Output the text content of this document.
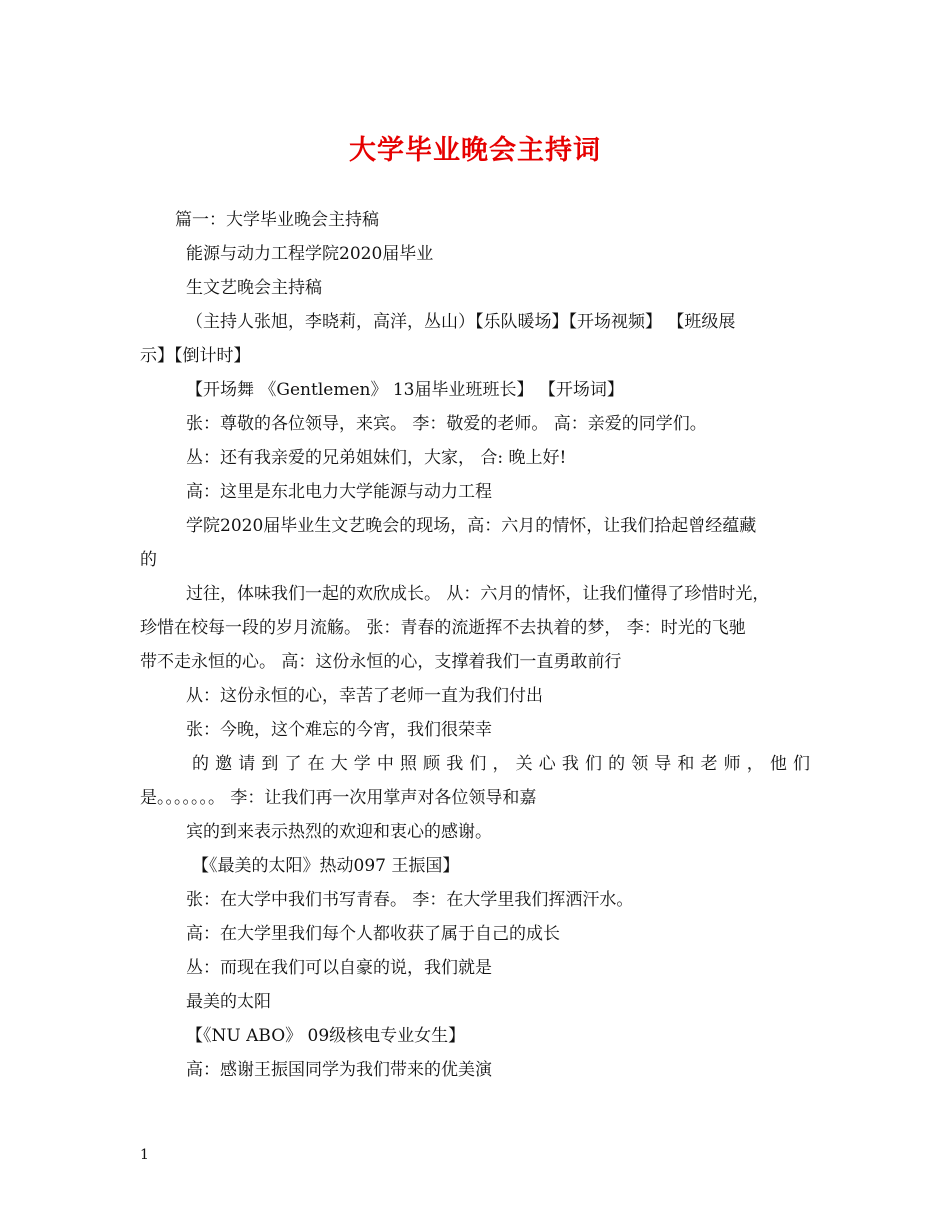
大学毕业晚会主持词
篇一：大学毕业晚会主持稿
能源与动力工程学院2020届毕业
生文艺晚会主持稿
（主持人张旭，李晓莉，高洋，丛山）【乐队暖场】【开场视频】 【班级展
示】【倒计时】
【开场舞 《Gentlemen》 13届毕业班班长】 【开场词】
张：尊敬的各位领导，来宾。 李：敬爱的老师。 高：亲爱的同学们。
丛：还有我亲爱的兄弟姐妹们，大家， 合: 晚上好!
高：这里是东北电力大学能源与动力工程
学院2020届毕业生文艺晚会的现场，高：六月的情怀，让我们拾起曾经蕴藏
的
过往，体味我们一起的欢欣成长。 从：六月的情怀，让我们懂得了珍惜时光，
珍惜在校每一段的岁月流觞。 张：青春的流逝挥不去执着的梦， 李：时光的飞驰
带不走永恒的心。 高：这份永恒的心，支撑着我们一直勇敢前行
从：这份永恒的心，幸苦了老师一直为我们付出
张：今晚，这个难忘的今宵，我们很荣幸
的邀请到了在大学中照顾我们，关心我们的领导和老师，他们
是。。。。。。。 李：让我们再一次用掌声对各位领导和嘉
宾的到来表示热烈的欢迎和衷心的感谢。
【《最美的太阳》热动097 王振国】
张：在大学中我们书写青春。 李：在大学里我们挥洒汗水。
高：在大学里我们每个人都收获了属于自己的成长
丛：而现在我们可以自豪的说，我们就是
最美的太阳
【《NU ABO》 09级核电专业女生】
高：感谢王振国同学为我们带来的优美演
1
